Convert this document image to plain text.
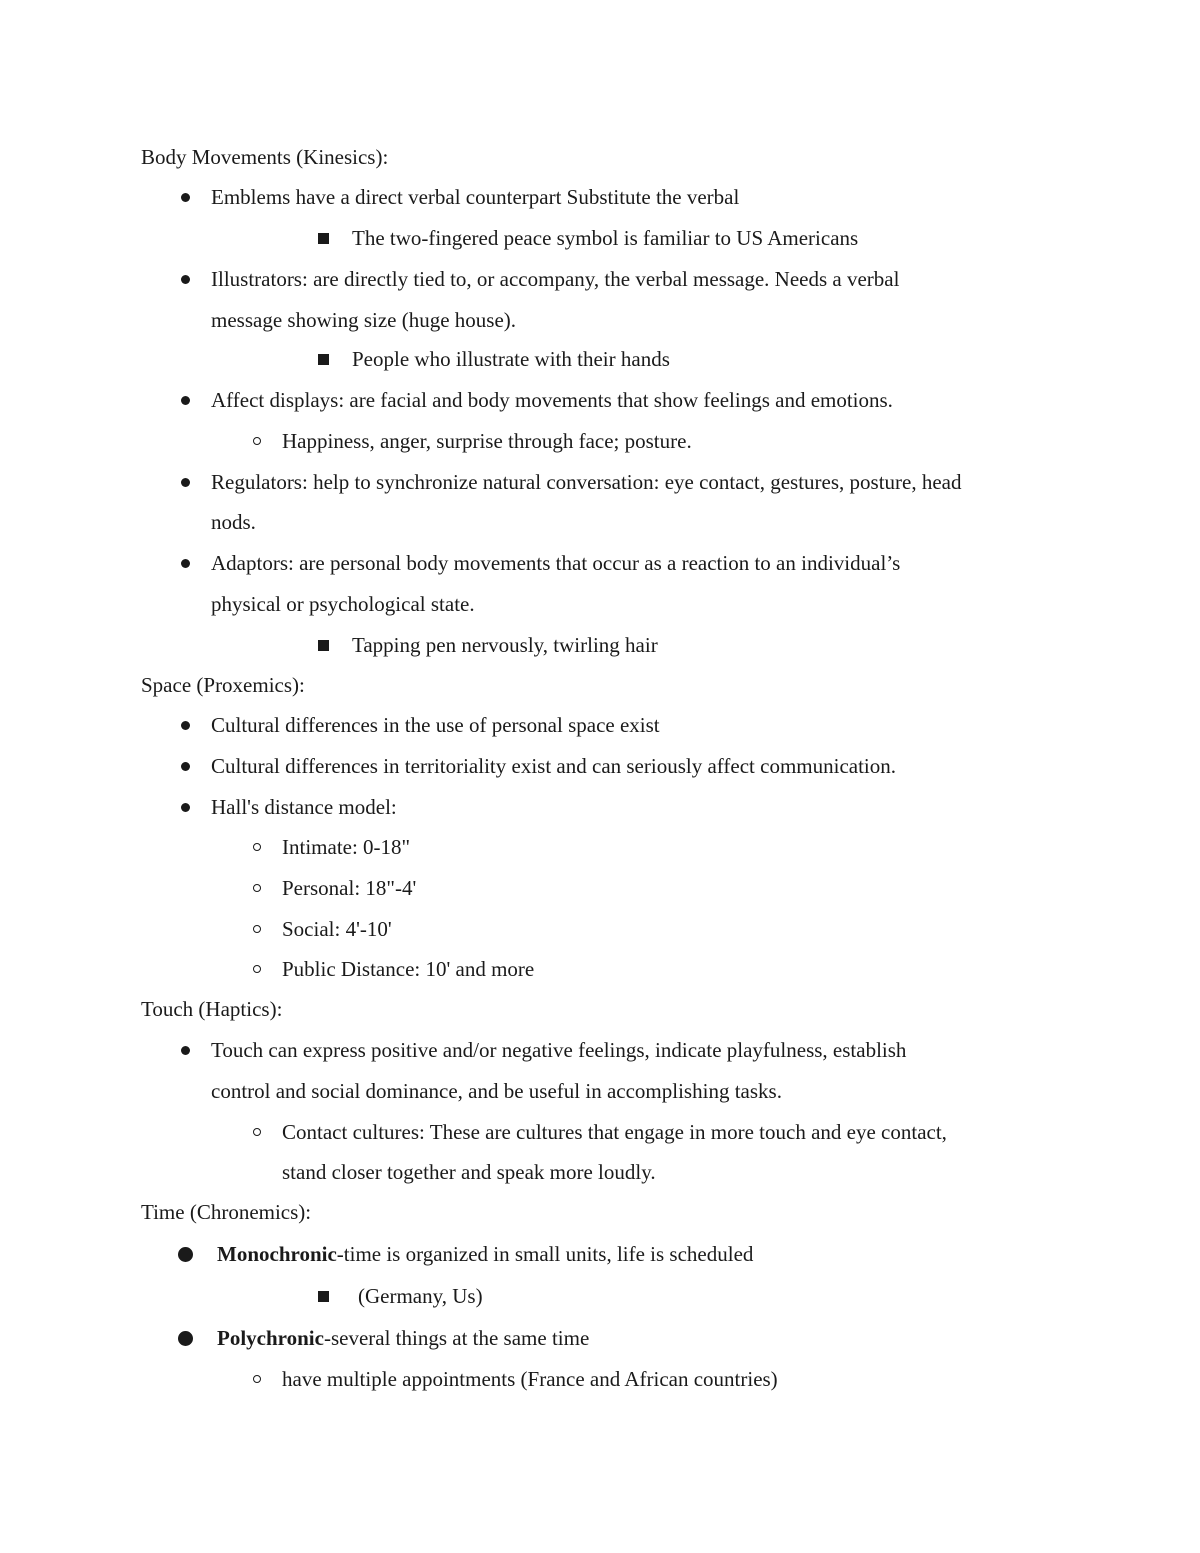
Body Movements (Kinesics):
Emblems have a direct verbal counterpart Substitute the verbal
The two-fingered peace symbol is familiar to US Americans
Illustrators: are directly tied to, or accompany, the verbal message. Needs a verbal
message showing size (huge house).
People who illustrate with their hands
Affect displays: are facial and body movements that show feelings and emotions.
Happiness, anger, surprise through face; posture.
Regulators: help to synchronize natural conversation: eye contact, gestures, posture, head
nods.
Adaptors: are personal body movements that occur as a reaction to an individual’s
physical or psychological state.
Tapping pen nervously, twirling hair
Space (Proxemics):
Cultural differences in the use of personal space exist
Cultural differences in territoriality exist and can seriously affect communication.
Hall's distance model:
Intimate: 0-18"
Personal: 18"-4'
Social: 4'-10'
Public Distance: 10' and more
Touch (Haptics):
Touch can express positive and/or negative feelings, indicate playfulness, establish
control and social dominance, and be useful in accomplishing tasks.
Contact cultures: These are cultures that engage in more touch and eye contact,
stand closer together and speak more loudly.
Time (Chronemics):
Monochronic-time is organized in small units, life is scheduled
(Germany, Us)
Polychronic-several things at the same time
have multiple appointments (France and African countries)
